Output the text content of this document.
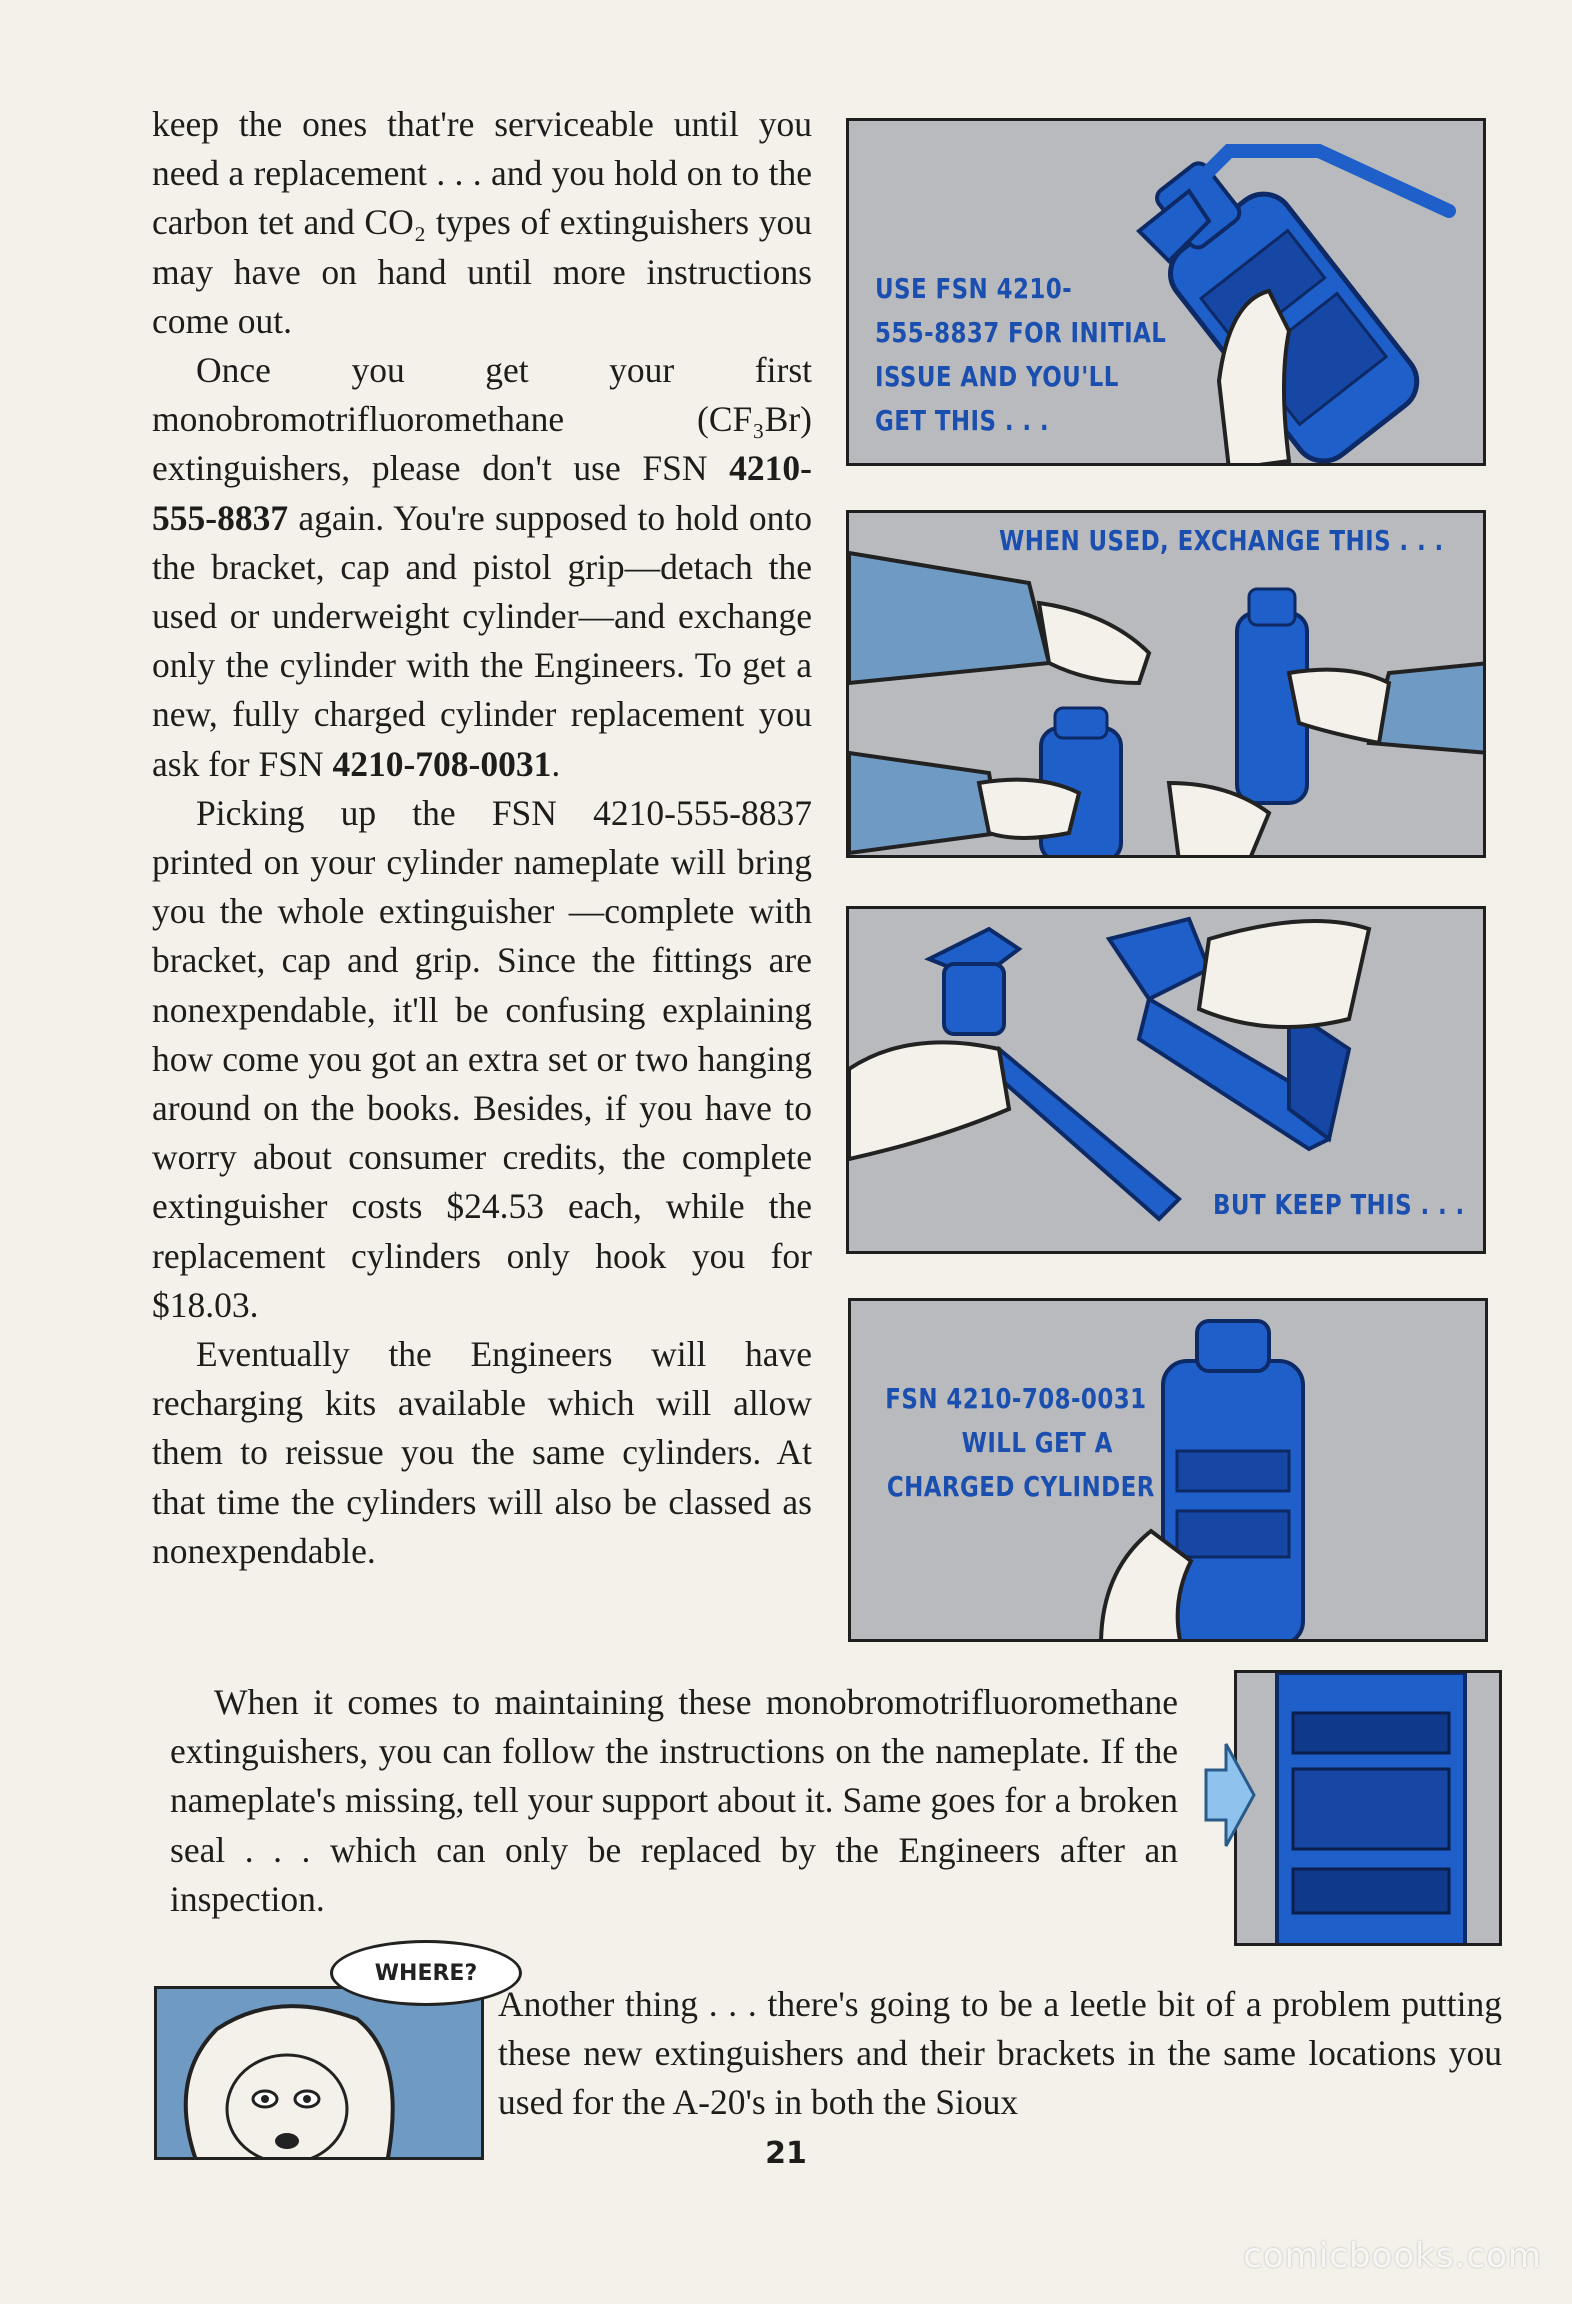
keep the ones that're serviceable until you need a replacement . . . and you hold on to the carbon tet and CO₂ types of extinguishers you may have on hand until more instructions come out.

Once you get your first monobromotrifluoromethane (CF₃Br) extinguishers, please don't use FSN 4210-555-8837 again. You're supposed to hold onto the bracket, cap and pistol grip—detach the used or underweight cylinder—and exchange only the cylinder with the Engineers. To get a new, fully charged cylinder replacement you ask for FSN 4210-708-0031.

Picking up the FSN 4210-555-8837 printed on your cylinder nameplate will bring you the whole extinguisher —complete with bracket, cap and grip. Since the fittings are nonexpendable, it'll be confusing explaining how come you got an extra set or two hanging around on the books. Besides, if you have to worry about consumer credits, the complete extinguisher costs $24.53 each, while the replacement cylinders only hook you for $18.03.

Eventually the Engineers will have recharging kits available which will allow them to reissue you the same cylinders. At that time the cylinders will also be classed as nonexpendable.

USE FSN 4210-
555-8837 FOR INITIAL
ISSUE AND YOU'LL
GET THIS . . .
WHEN USED, EXCHANGE THIS . . .
BUT KEEP THIS . . .
FSN 4210-708-0031
WILL GET A
CHARGED CYLINDER
When it comes to maintaining these monobromotrifluoromethane extinguishers, you can follow the instructions on the nameplate. If the nameplate's missing, tell your support about it. Same goes for a broken seal . . . which can only be replaced by the Engineers after an inspection.
WHERE?
Another thing . . . there's going to be a leetle bit of a problem putting these new extinguishers and their brackets in the same locations you used for the A-20's in both the Sioux
21
comicbooks.com
